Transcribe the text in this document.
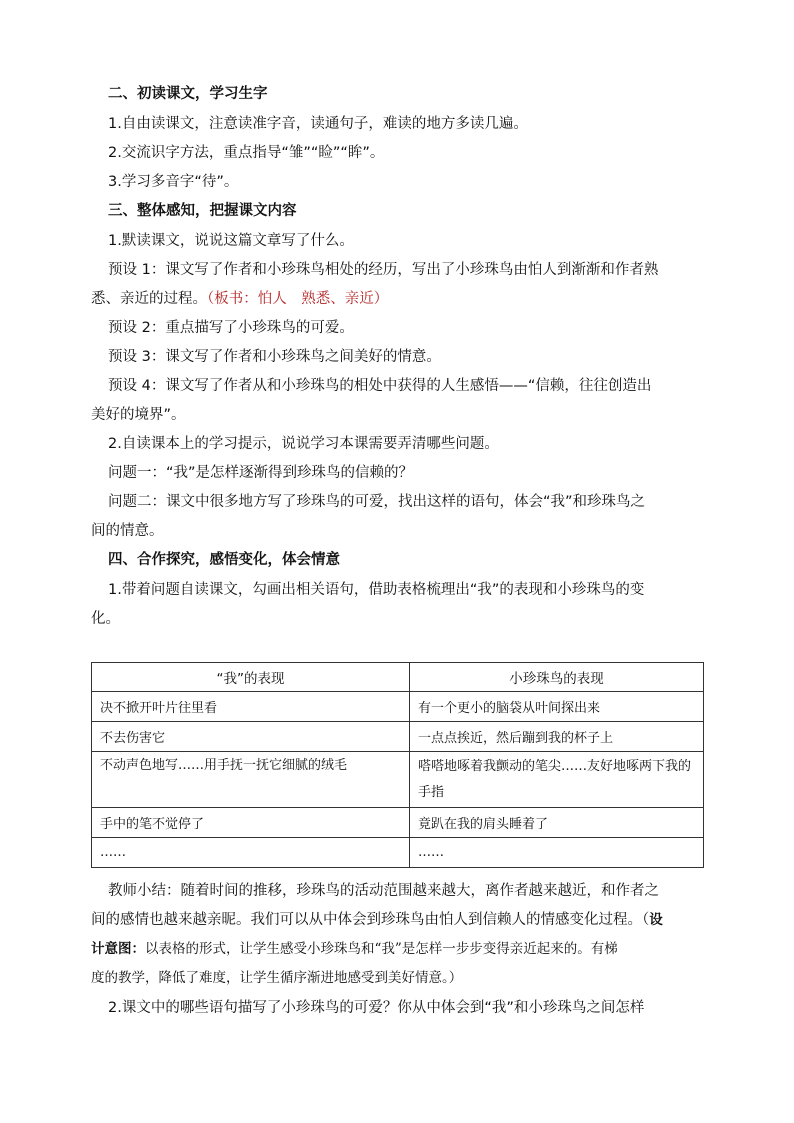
二、初读课文，学习生字
1.自由读课文，注意读准字音，读通句子，难读的地方多读几遍。
2.交流识字方法，重点指导“雏”“睑”“眸”。
3.学习多音字“待”。
三、整体感知，把握课文内容
1.默读课文，说说这篇文章写了什么。
预设 1：课文写了作者和小珍珠鸟相处的经历，写出了小珍珠鸟由怕人到渐渐和作者熟
悉、亲近的过程。（板书：怕人　熟悉、亲近）
预设 2：重点描写了小珍珠鸟的可爱。
预设 3：课文写了作者和小珍珠鸟之间美好的情意。
预设 4：课文写了作者从和小珍珠鸟的相处中获得的人生感悟——“信赖，往往创造出
美好的境界”。
2.自读课本上的学习提示，说说学习本课需要弄清哪些问题。
问题一：“我”是怎样逐渐得到珍珠鸟的信赖的？
问题二：课文中很多地方写了珍珠鸟的可爱，找出这样的语句，体会“我”和珍珠鸟之
间的情意。
四、合作探究，感悟变化，体会情意
1.带着问题自读课文，勾画出相关语句，借助表格梳理出“我”的表现和小珍珠鸟的变
化。
“我”的表现	小珍珠鸟的表现
决不掀开叶片往里看	有一个更小的脑袋从叶间探出来
不去伤害它	一点点挨近，然后蹦到我的杯子上
不动声色地写……用手抚一抚它细腻的绒毛	嗒嗒地啄着我颤动的笔尖……友好地啄两下我的手指
手中的笔不觉停了	竟趴在我的肩头睡着了
……	……
教师小结：随着时间的推移，珍珠鸟的活动范围越来越大，离作者越来越近，和作者之
间的感情也越来越亲昵。我们可以从中体会到珍珠鸟由怕人到信赖人的情感变化过程。（设
计意图：以表格的形式，让学生感受小珍珠鸟和“我”是怎样一步步变得亲近起来的。有梯
度的教学，降低了难度，让学生循序渐进地感受到美好情意。）
2.课文中的哪些语句描写了小珍珠鸟的可爱？你从中体会到“我”和小珍珠鸟之间怎样
